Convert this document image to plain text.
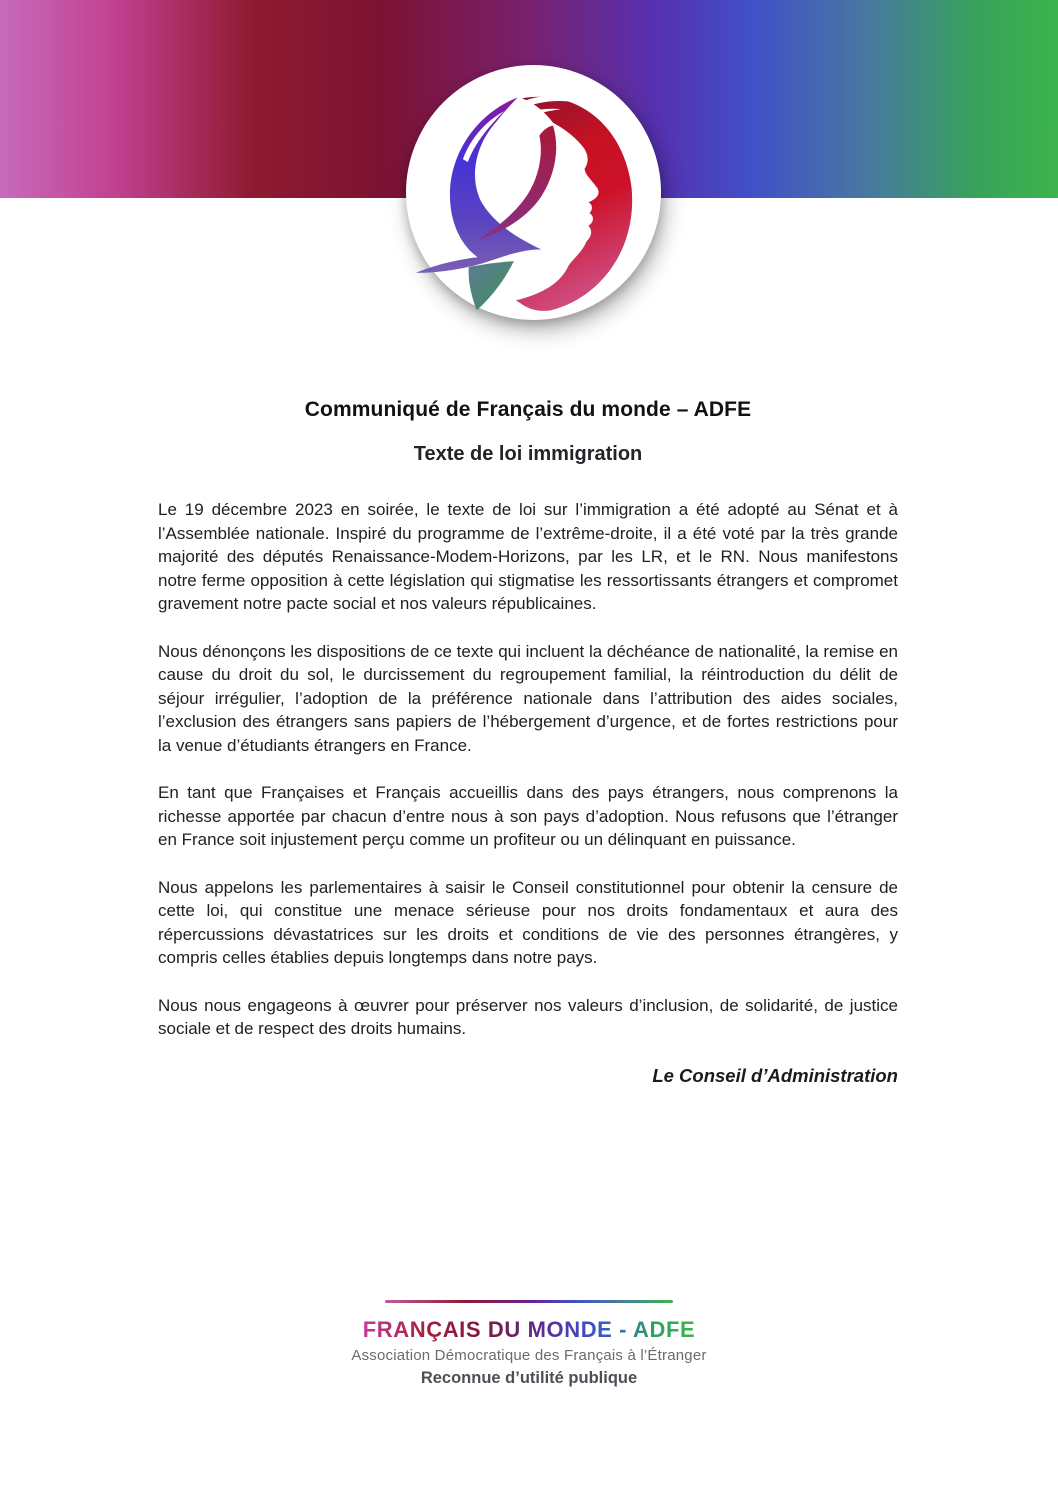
Communiqué de Français du monde – ADFE
Texte de loi immigration

Le 19 décembre 2023 en soirée, le texte de loi sur l’immigration a été adopté au Sénat et à l’Assemblée nationale. Inspiré du programme de l’extrême-droite, il a été voté par la très grande majorité des députés Renaissance-Modem-Horizons, par les LR, et le RN. Nous manifestons notre ferme opposition à cette législation qui stigmatise les ressortissants étrangers et compromet gravement notre pacte social et nos valeurs républicaines.

Nous dénonçons les dispositions de ce texte qui incluent la déchéance de nationalité, la remise en cause du droit du sol, le durcissement du regroupement familial, la réintroduction du délit de séjour irrégulier, l’adoption de la préférence nationale dans l’attribution des aides sociales, l’exclusion des étrangers sans papiers de l’hébergement d’urgence, et de fortes restrictions pour la venue d’étudiants étrangers en France.

En tant que Françaises et Français accueillis dans des pays étrangers, nous comprenons la richesse apportée par chacun d’entre nous à son pays d’adoption. Nous refusons que l’étranger en France soit injustement perçu comme un profiteur ou un délinquant en puissance.

Nous appelons les parlementaires à saisir le Conseil constitutionnel pour obtenir la censure de cette loi, qui constitue une menace sérieuse pour nos droits fondamentaux et aura des répercussions dévastatrices sur les droits et conditions de vie des personnes étrangères, y compris celles établies depuis longtemps dans notre pays.

Nous nous engageons à œuvrer pour préserver nos valeurs d’inclusion, de solidarité, de justice sociale et de respect des droits humains.

Le Conseil d’Administration

FRANÇAIS DU MONDE - ADFE
Association Démocratique des Français à l’Étranger
Reconnue d’utilité publique
